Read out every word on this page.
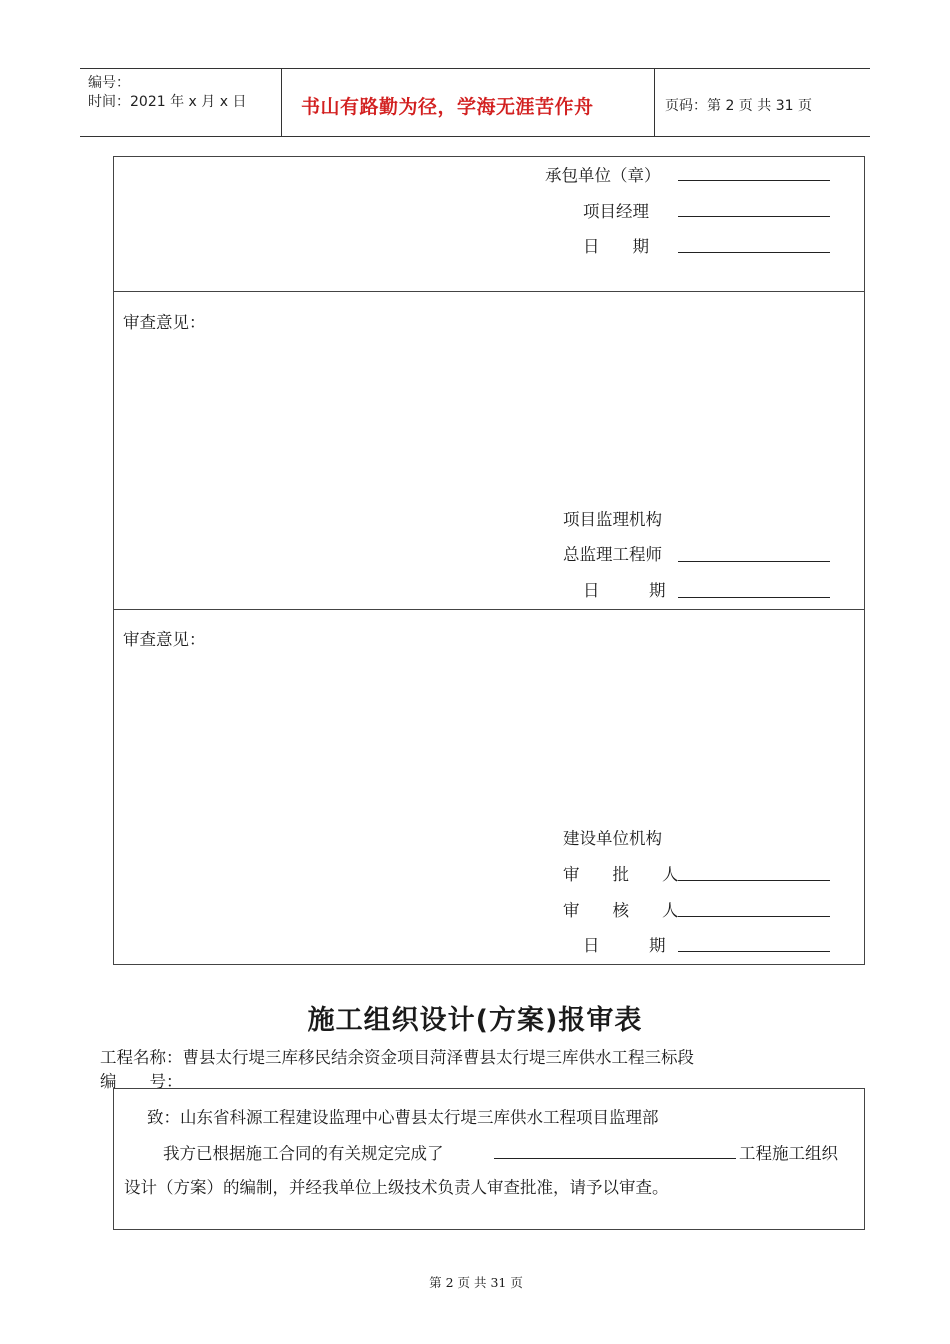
编号：
时间：2021 年 x 月 x 日	书山有路勤为径，学海无涯苦作舟	页码：第 2 页 共 31 页
承包单位（章）
项目经理
日　　期
审查意见：
项目监理机构
总监理工程师
日　　　期
审查意见：
建设单位机构
审　　批　　人
审　　核　　人
日　　　期
施工组织设计(方案)报审表
工程名称：曹县太行堤三库移民结余资金项目菏泽曹县太行堤三库供水工程三标段
编　　号：
致：山东省科源工程建设监理中心曹县太行堤三库供水工程项目监理部
我方已根据施工合同的有关规定完成了	工程施工组织
设计（方案）的编制，并经我单位上级技术负责人审查批准，请予以审查。
第 2 页 共 31 页
